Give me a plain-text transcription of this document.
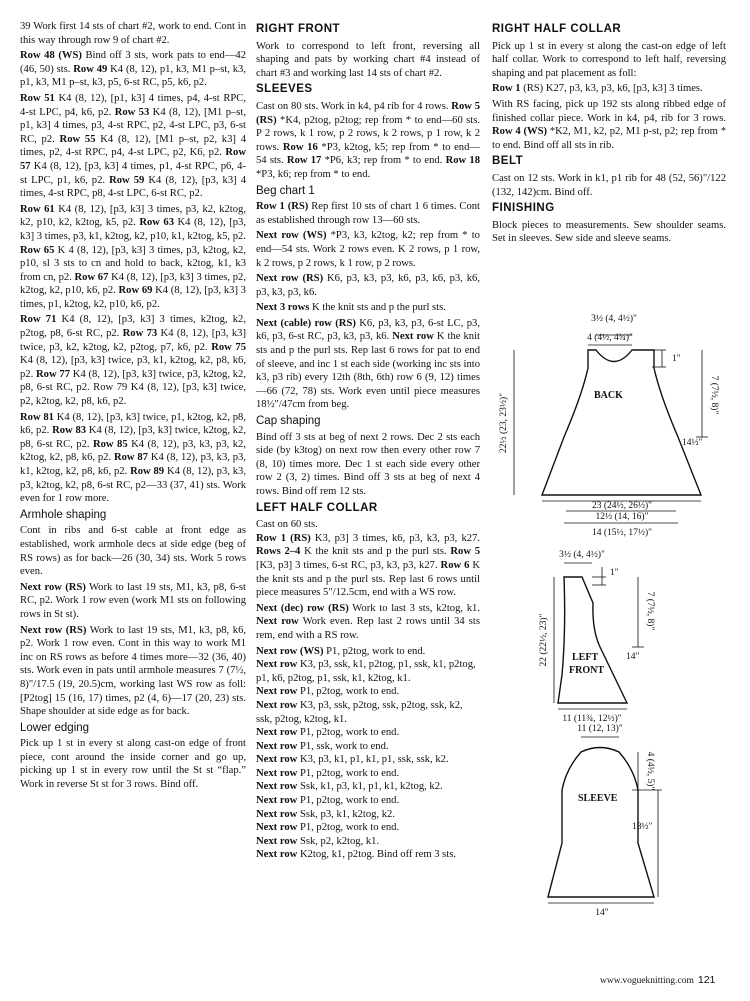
39 Work first 14 sts of chart #2, work to end. Cont in this way through row 9 of chart #2.

Row 48 (WS) Bind off 3 sts, work pats to end—42 (46, 50) sts. Row 49 K4 (8, 12), p1, k3, M1 p–st, k3, p1, k3, M1 p–st, k3, p5, 6-st RC, p5, k6, p2.

Row 51 K4 (8, 12), [p1, k3] 4 times, p4, 4-st RPC, 4-st LPC, p4, k6, p2. Row 53 K4 (8, 12), [M1 p–st, p1, k3] 4 times, p3, 4-st RPC, p2, 4-st LPC, p3, 6-st RC, p2. Row 55 K4 (8, 12), [M1 p–st, p2, k3] 4 times, p2, 4-st RPC, p4, 4-st LPC, p2, K6, p2. Row 57 K4 (8, 12), [p3, k3] 4 times, p1, 4-st RPC, p6, 4-st LPC, p1, k6, p2. Row 59 K4 (8, 12), [p3, k3] 4 times, 4-st RPC, p8, 4-st LPC, 6-st RC, p2.

Row 61 K4 (8, 12), [p3, k3] 3 times, p3, k2, k2tog, k2, p10, k2, k2tog, k5, p2. Row 63 K4 (8, 12), [p3, k3] 3 times, p3, k1, k2tog, k2, p10, k1, k2tog, k5, p2. Row 65 K 4 (8, 12), [p3, k3] 3 times, p3, k2tog, k2, p10, sl 3 sts to cn and hold to back, k2tog, k1, k3 from cn, p2. Row 67 K4 (8, 12), [p3, k3] 3 times, p2, k2tog, k2, p10, k6, p2. Row 69 K4 (8, 12), [p3, k3] 3 times, p1, k2tog, k2, p10, k6, p2.

Row 71 K4 (8, 12), [p3, k3] 3 times, k2tog, k2, p2tog, p8, 6-st RC, p2. Row 73 K4 (8, 12), [p3, k3] twice, p3, k2, k2tog, k2, p2tog, p7, k6, p2. Row 75 K4 (8, 12), [p3, k3] twice, p3, k1, k2tog, k2, p8, k6, p2. Row 77 K4 (8, 12), [p3, k3] twice, p3, k2tog, k2, p8, 6-st RC, p2. Row 79 K4 (8, 12), [p3, k3] twice, p2, k2tog, k2, p8, k6, p2.

Row 81 K4 (8, 12), [p3, k3] twice, p1, k2tog, k2, p8, k6, p2. Row 83 K4 (8, 12), [p3, k3] twice, k2tog, k2, p8, 6-st RC, p2. Row 85 K4 (8, 12), p3, k3, p3, k2, k2tog, k2, p8, k6, p2. Row 87 K4 (8, 12), p3, k3, p3, k1, k2tog, k2, p8, k6, p2. Row 89 K4 (8, 12), p3, k3, p3, k2tog, k2, p8, 6-st RC, p2—33 (37, 41) sts. Work even for 1 row more.

Armhole shaping

Cont in ribs and 6-st cable at front edge as established, work armhole decs at side edge (beg of RS rows) as for back—26 (30, 34) sts. Work 5 rows even.

Next row (RS) Work to last 19 sts, M1, k3, p8, 6-st RC, p2. Work 1 row even (work M1 sts on following rows in St st).

Next row (RS) Work to last 19 sts, M1, k3, p8, k6, p2. Work 1 row even. Cont in this way to work M1 inc on RS rows as before 4 times more—32 (36, 40) sts. Work even in pats until armhole measures 7 (7½, 8)"/17.5 (19, 20.5)cm, working last WS row as foll: [P2tog] 15 (16, 17) times, p2 (4, 6)—17 (20, 23) sts. Shape shoulder at side edge as for back.

Lower edging

Pick up 1 st in every st along cast-on edge of front piece, cont around the inside corner and go up, picking up 1 st in every row until the St st “flap.” Work in reverse St st for 3 rows. Bind off.

RIGHT FRONT

Work to correspond to left front, reversing all shaping and pats by working chart #4 instead of chart #3 and working last 14 sts of chart #2.

SLEEVES

Cast on 80 sts. Work in k4, p4 rib for 4 rows. Row 5 (RS) *K4, p2tog, p2tog; rep from * to end—60 sts. P 2 rows, k 1 row, p 2 rows, k 2 rows, p 1 row, k 2 rows. Row 16 *P3, k2tog, k5; rep from * to end—54 sts. Row 17 *P6, k3; rep from * to end. Row 18 *P3, k6; rep from * to end.

Beg chart 1

Row 1 (RS) Rep first 10 sts of chart 1 6 times. Cont as established through row 13—60 sts.

Next row (WS) *P3, k3, k2tog, k2; rep from * to end—54 sts. Work 2 rows even. K 2 rows, p 1 row, k 2 rows, p 2 rows, k 1 row, p 2 rows.

Next row (RS) K6, p3, k3, p3, k6, p3, k6, p3, k6, p3, k3, p3, k6.

Next 3 rows K the knit sts and p the purl sts.

Next (cable) row (RS) K6, p3, k3, p3, 6-st LC, p3, k6, p3, 6-st RC, p3, k3, p3, k6. Next row K the knit sts and p the purl sts. Rep last 6 rows for pat to end of sleeve, and inc 1 st each side (working inc sts into k3, p3 rib) every 12th (8th, 6th) row 6 (9, 12) times—66 (72, 78) sts. Work even until piece measures 18½"/47cm from beg.

Cap shaping

Bind off 3 sts at beg of next 2 rows. Dec 2 sts each side (by k3tog) on next row then every other row 7 (8, 10) times more. Dec 1 st each side every other row 2 (3, 2) times. Bind off 3 sts at beg of next 4 rows. Bind off rem 12 sts.

LEFT HALF COLLAR

Cast on 60 sts.

Row 1 (RS) K3, p3] 3 times, k6, p3, k3, p3, k27. Rows 2–4 K the knit sts and p the purl sts. Row 5 [K3, p3] 3 times, 6-st RC, p3, k3, p3, k27. Row 6 K the knit sts and p the purl sts. Rep last 6 rows until piece measures 5"/12.5cm, end with a WS row.

Next (dec) row (RS) Work to last 3 sts, k2tog, k1. Next row Work even. Rep last 2 rows until 34 sts rem, end with a RS row.

Next row (WS) P1, p2tog, work to end.

Next row K3, p3, ssk, k1, p2tog, p1, ssk, k1, p2tog, p1, k6, p2tog, p1, ssk, k1, k2tog, k1.

Next row P1, p2tog, work to end.

Next row K3, p3, ssk, p2tog, ssk, p2tog, ssk, k2, ssk, p2tog, k2tog, k1.

Next row P1, p2tog, work to end.

Next row P1, ssk, work to end.

Next row K3, p3, k1, p1, k1, p1, ssk, ssk, k2.

Next row P1, p2tog, work to end.

Next row Ssk, k1, p3, k1, p1, k1, k2tog, k2.

Next row P1, p2tog, work to end.

Next row Ssk, p3, k1, k2tog, k2.

Next row P1, p2tog, work to end.

Next row Ssk, p2, k2tog, k1.

Next row K2tog, k1, p2tog. Bind off rem 3 sts.

RIGHT HALF COLLAR

Pick up 1 st in every st along the cast-on edge of left half collar. Work to correspond to left half, reversing shaping and pat placement as foll:

Row 1 (RS) K27, p3, k3, p3, k6, [p3, k3] 3 times.

With RS facing, pick up 192 sts along ribbed edge of finished collar piece. Work in k4, p4, rib for 3 rows. Row 4 (WS) *K2, M1, k2, p2, M1 p-st, p2; rep from * to end. Bind off all sts in rib.

BELT

Cast on 12 sts. Work in k1, p1 rib for 48 (52, 56)"/122 (132, 142)cm. Bind off.

FINISHING

Block pieces to measurements. Sew shoulder seams. Set in sleeves. Sew side and sleeve seams.

3½ (4, 4½)"
4 (4½, 4¾)"
1"
7 (7½, 8)"
14½"
22½ (23, 23½)"
23 (24½, 26½)"
12½ (14, 16)"
14 (15½, 17½)"
BACK
3½ (4, 4½)"
1"
7 (7½, 8)"
14"
22 (22½, 23)"
11 (11¾, 12½)"
LEFT
FRONT
11 (12, 13)"
4 (4½, 5)"
18½"
14"
SLEEVE
www.vogueknitting.com 121
